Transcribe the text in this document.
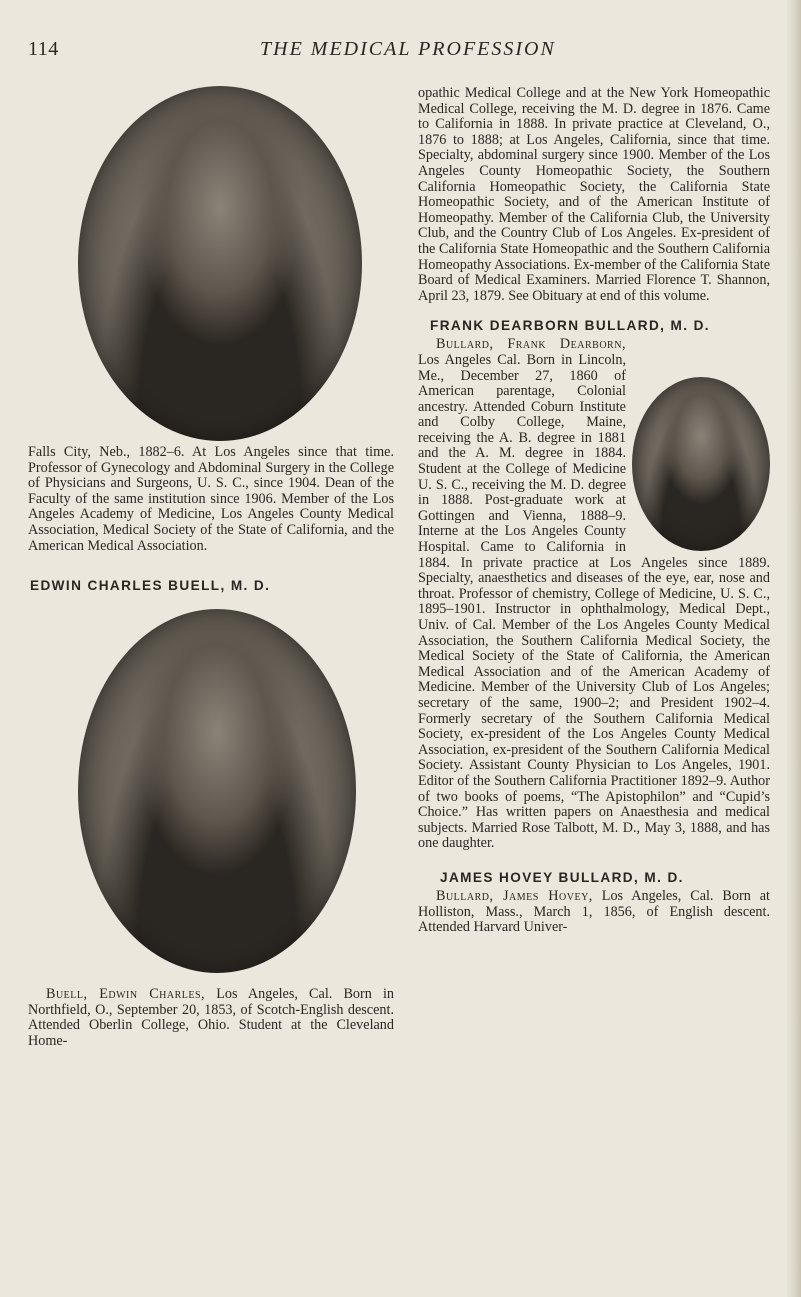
114	THE MEDICAL PROFESSION

Falls City, Neb., 1882–6. At Los Angeles since that time. Professor of Gynecology and Abdominal Surgery in the College of Physicians and Surgeons, U. S. C., since 1904. Dean of the Faculty of the same institution since 1906. Member of the Los Angeles Academy of Medicine, Los Angeles County Medical Association, Medical Society of the State of California, and the American Medical Association.

EDWIN CHARLES BUELL, M. D.

Buell, Edwin Charles, Los Angeles, Cal. Born in Northfield, O., September 20, 1853, of Scotch-English descent. Attended Oberlin College, Ohio. Student at the Cleveland Home-

opathic Medical College and at the New York Homeopathic Medical College, receiving the M. D. degree in 1876. Came to California in 1888. In private practice at Cleveland, O., 1876 to 1888; at Los Angeles, California, since that time. Specialty, abdominal surgery since 1900. Member of the Los Angeles County Homeopathic Society, the Southern California Homeopathic Society, the California State Homeopathic Society, and of the American Institute of Homeopathy. Member of the California Club, the University Club, and the Country Club of Los Angeles. Ex-president of the California State Homeopathic and the Southern California Homeopathy Associations. Ex-member of the California State Board of Medical Examiners. Married Florence T. Shannon, April 23, 1879. See Obituary at end of this volume.

FRANK DEARBORN BULLARD, M. D.

Bullard, Frank Dearborn, Los Angeles Cal. Born in Lincoln, Me., December 27, 1860 of American parentage, Colonial ancestry. Attended Coburn Institute and Colby College, Maine, receiving the A. B. degree in 1881 and the A. M. degree in 1884. Student at the College of Medicine U. S. C., receiving the M. D. degree in 1888. Post-graduate work at Gottingen and Vienna, 1888–9. Interne at the Los Angeles County Hospital. Came to California in 1884. In private practice at Los Angeles since 1889. Specialty, anaesthetics and diseases of the eye, ear, nose and throat. Professor of chemistry, College of Medicine, U. S. C., 1895–1901. Instructor in ophthalmology, Medical Dept., Univ. of Cal. Member of the Los Angeles County Medical Association, the Southern California Medical Society, the Medical Society of the State of California, the American Medical Association and of the American Academy of Medicine. Member of the University Club of Los Angeles; secretary of the same, 1900–2; and President 1902–4. Formerly secretary of the Southern California Medical Society, ex-president of the Los Angeles County Medical Association, ex-president of the Southern California Medical Society. Assistant County Physician to Los Angeles, 1901. Editor of the Southern California Practitioner 1892–9. Author of two books of poems, “The Apistophilon” and “Cupid’s Choice.” Has written papers on Anaesthesia and medical subjects. Married Rose Talbott, M. D., May 3, 1888, and has one daughter.

JAMES HOVEY BULLARD, M. D.

Bullard, James Hovey, Los Angeles, Cal. Born at Holliston, Mass., March 1, 1856, of English descent. Attended Harvard Univer-
